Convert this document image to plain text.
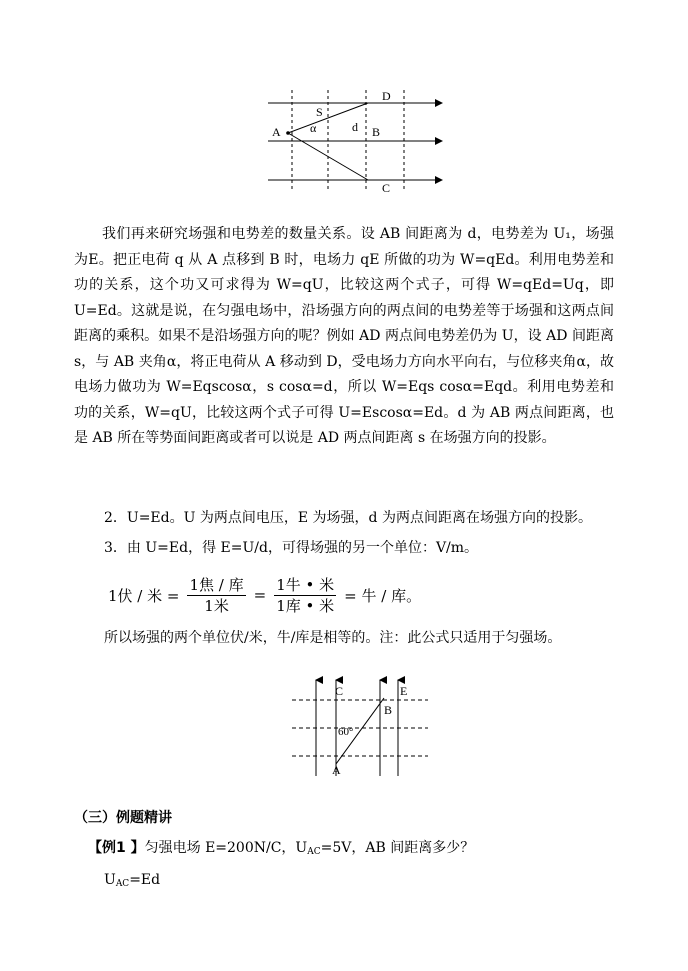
S
D
A α	d B
C
我们再来研究场强和电势差的数量关系。设 AB 间距离为 d，电势差为 U₁，场强为E。把正电荷 q 从 A 点移到 B 时，电场力 qE 所做的功为 W=qEd。利用电势差和功的关系，这个功又可求得为 W=qU，比较这两个式子，可得 W=qEd=Uq，即 U=Ed。这就是说，在匀强电场中，沿场强方向的两点间的电势差等于场强和这两点间距离的乘积。如果不是沿场强方向的呢？例如 AD 两点间电势差仍为 U，设 AD 间距离 s，与 AB 夹角α，将正电荷从 A 移动到 D，受电场力方向水平向右，与位移夹角α，故电场力做功为 W=Eqscosα，s cosα=d，所以 W=Eqs cosα=Eqd。利用电势差和功的关系，W=qU，比较这两个式子可得 U=Escosα=Ed。d 为 AB 两点间距离，也是 AB 所在等势面间距离或者可以说是 AD 两点间距离 s 在场强方向的投影。
2．U=Ed。U 为两点间电压，E 为场强，d 为两点间距离在场强方向的投影。
3．由 U=Ed，得 E=U/d，可得场强的另一个单位：V/m。
1伏 / 米 = $\frac{\text{1焦 / 库}}{\text{1米}} = \frac{\text{1牛 • 米}}{\text{1库 • 米}}$ = 牛 / 库。
所以场强的两个单位伏/米，牛/库是相等的。注：此公式只适用于匀强场。
C	E
B
60°
A
（三）例题精讲
【例1 】匀强电场 E=200N/C，$U_{AC}=5V$，AB 间距离多少？
$U_{AC}=Ed$
